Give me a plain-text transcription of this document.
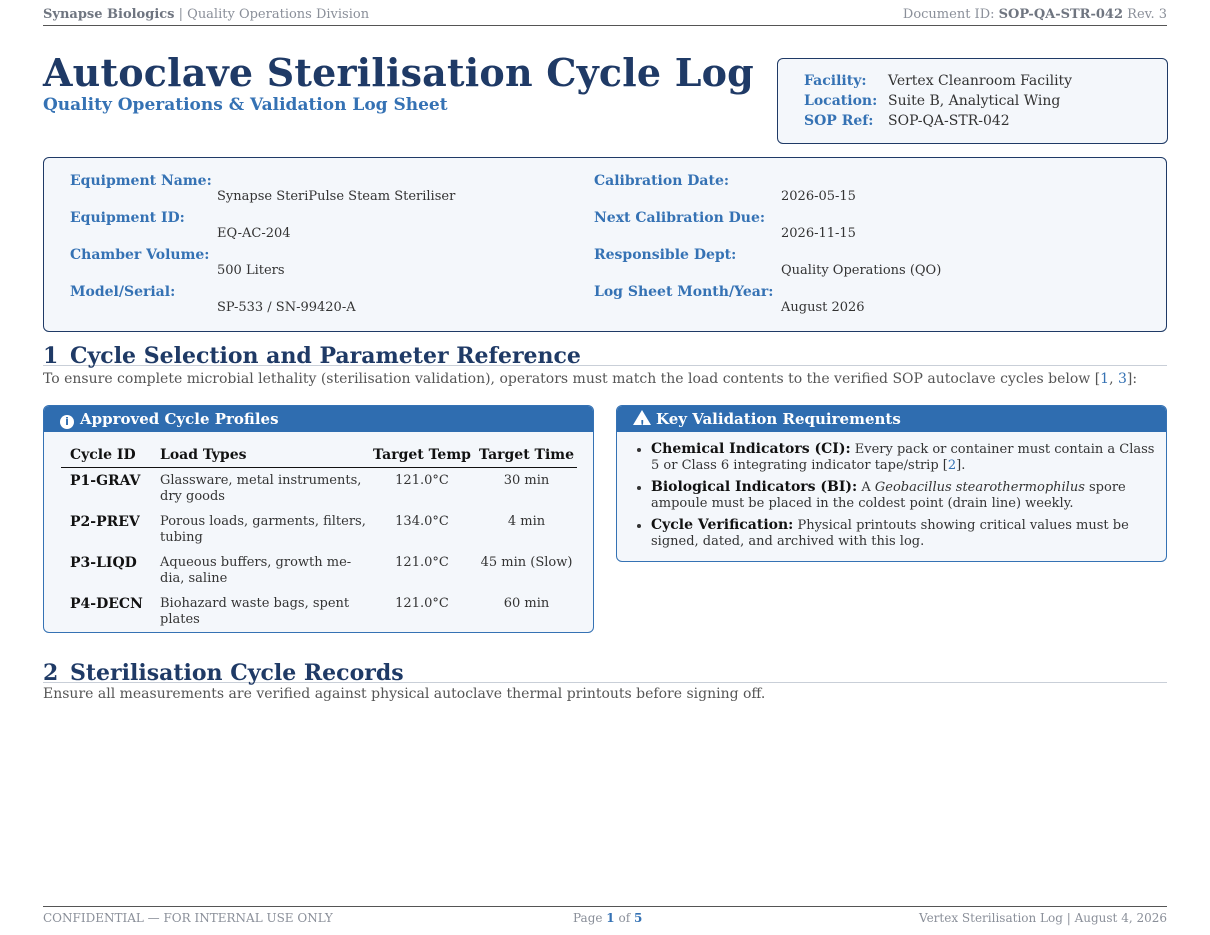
Synapse Biologics | Quality Operations Division	Document ID: SOP-QA-STR-042 Rev. 3
Autoclave Sterilisation Cycle Log
Quality Operations & Validation Log Sheet
Facility: Vertex Cleanroom Facility
Location: Suite B, Analytical Wing
SOP Ref: SOP-QA-STR-042
Equipment Name:
Synapse SteriPulse Steam Steriliser
Equipment ID:
EQ-AC-204
Chamber Volume:
500 Liters
Model/Serial:
SP-533 / SN-99420-A
Calibration Date:
2026-05-15
Next Calibration Due:
2026-11-15
Responsible Dept:
Quality Operations (QO)
Log Sheet Month/Year:
August 2026
1 Cycle Selection and Parameter Reference
To ensure complete microbial lethality (sterilisation validation), operators must match the load contents to the verified SOP autoclave cycles below [1, 3]:
i Approved Cycle Profiles
Cycle ID	Load Types	Target Temp	Target Time
P1-GRAV	Glassware, metal instruments, dry goods	121.0°C	30 min
P2-PREV	Porous loads, garments, filters, tubing	134.0°C	4 min
P3-LIQD	Aqueous buffers, growth me-dia, saline	121.0°C	45 min (Slow)
P4-DECN	Biohazard waste bags, spent plates	121.0°C	60 min
! Key Validation Requirements
• Chemical Indicators (CI): Every pack or container must contain a Class 5 or Class 6 integrating indicator tape/strip [2].
• Biological Indicators (BI): A Geobacillus stearothermophilus spore ampoule must be placed in the coldest point (drain line) weekly.
• Cycle Verification: Physical printouts showing critical values must be signed, dated, and archived with this log.
2 Sterilisation Cycle Records
Ensure all measurements are verified against physical autoclave thermal printouts before signing off.
CONFIDENTIAL — FOR INTERNAL USE ONLY	Page 1 of 5	Vertex Sterilisation Log | August 4, 2026
